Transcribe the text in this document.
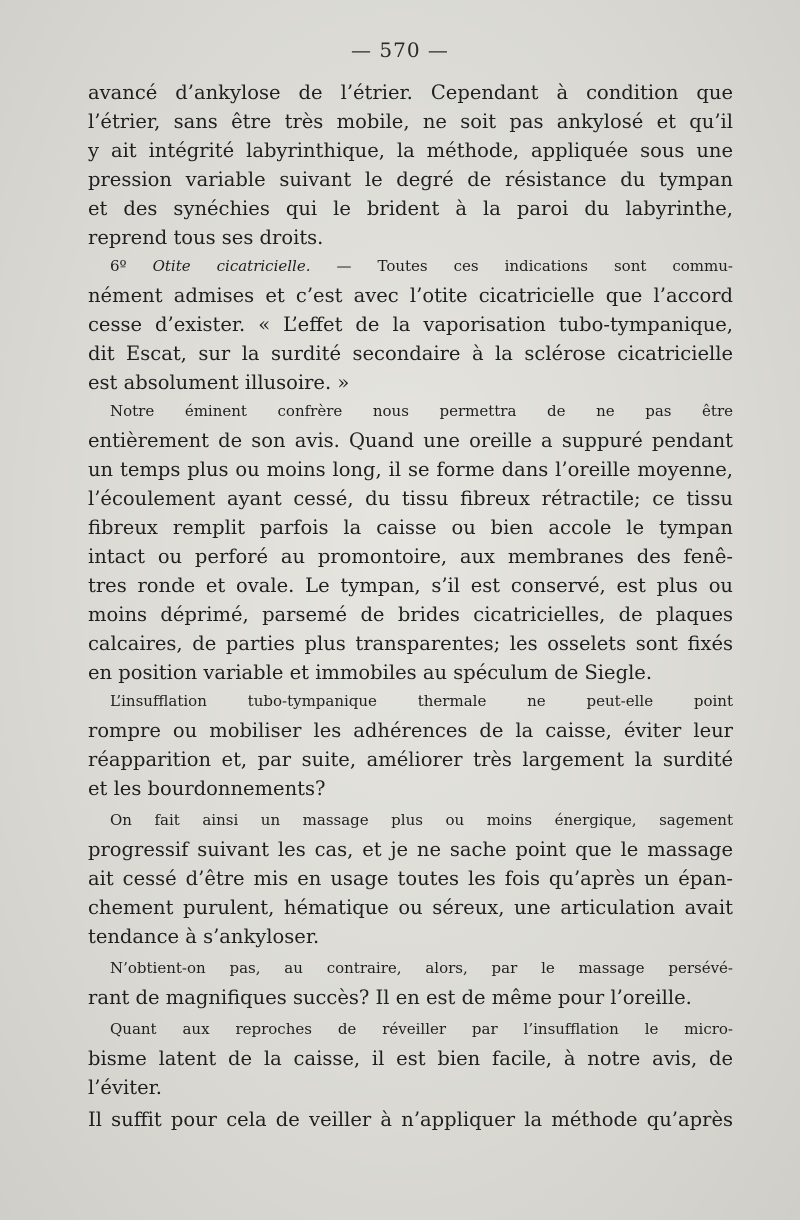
— 570 —

avancé d’ankylose de l’étrier. Cependant à condition que
l’étrier, sans être très mobile, ne soit pas ankylosé et qu’il
y ait intégrité labyrinthique, la méthode, appliquée sous une
pression variable suivant le degré de résistance du tympan
et des synéchies qui le brident à la paroi du labyrinthe,
reprend tous ses droits.

6º Otite cicatricielle. — Toutes ces indications sont commu-
nément admises et c’est avec l’otite cicatricielle que l’accord
cesse d’exister. « L’effet de la vaporisation tubo-tympanique,
dit Escat, sur la surdité secondaire à la sclérose cicatricielle
est absolument illusoire. »

Notre éminent confrère nous permettra de ne pas être
entièrement de son avis. Quand une oreille a suppuré pendant
un temps plus ou moins long, il se forme dans l’oreille moyenne,
l’écoulement ayant cessé, du tissu fibreux rétractile; ce tissu
fibreux remplit parfois la caisse ou bien accole le tympan
intact ou perforé au promontoire, aux membranes des fenê-
tres ronde et ovale. Le tympan, s’il est conservé, est plus ou
moins déprimé, parsemé de brides cicatricielles, de plaques
calcaires, de parties plus transparentes; les osselets sont fixés
en position variable et immobiles au spéculum de Siegle.

L’insufflation tubo-tympanique thermale ne peut-elle point
rompre ou mobiliser les adhérences de la caisse, éviter leur
réapparition et, par suite, améliorer très largement la surdité
et les bourdonnements?

On fait ainsi un massage plus ou moins énergique, sagement
progressif suivant les cas, et je ne sache point que le massage
ait cessé d’être mis en usage toutes les fois qu’après un épan-
chement purulent, hématique ou séreux, une articulation avait
tendance à s’ankyloser.

N’obtient-on pas, au contraire, alors, par le massage persévé-
rant de magnifiques succès? Il en est de même pour l’oreille.

Quant aux reproches de réveiller par l’insufflation le micro-
bisme latent de la caisse, il est bien facile, à notre avis, de
l’éviter.

Il suffit pour cela de veiller à n’appliquer la méthode qu’après
